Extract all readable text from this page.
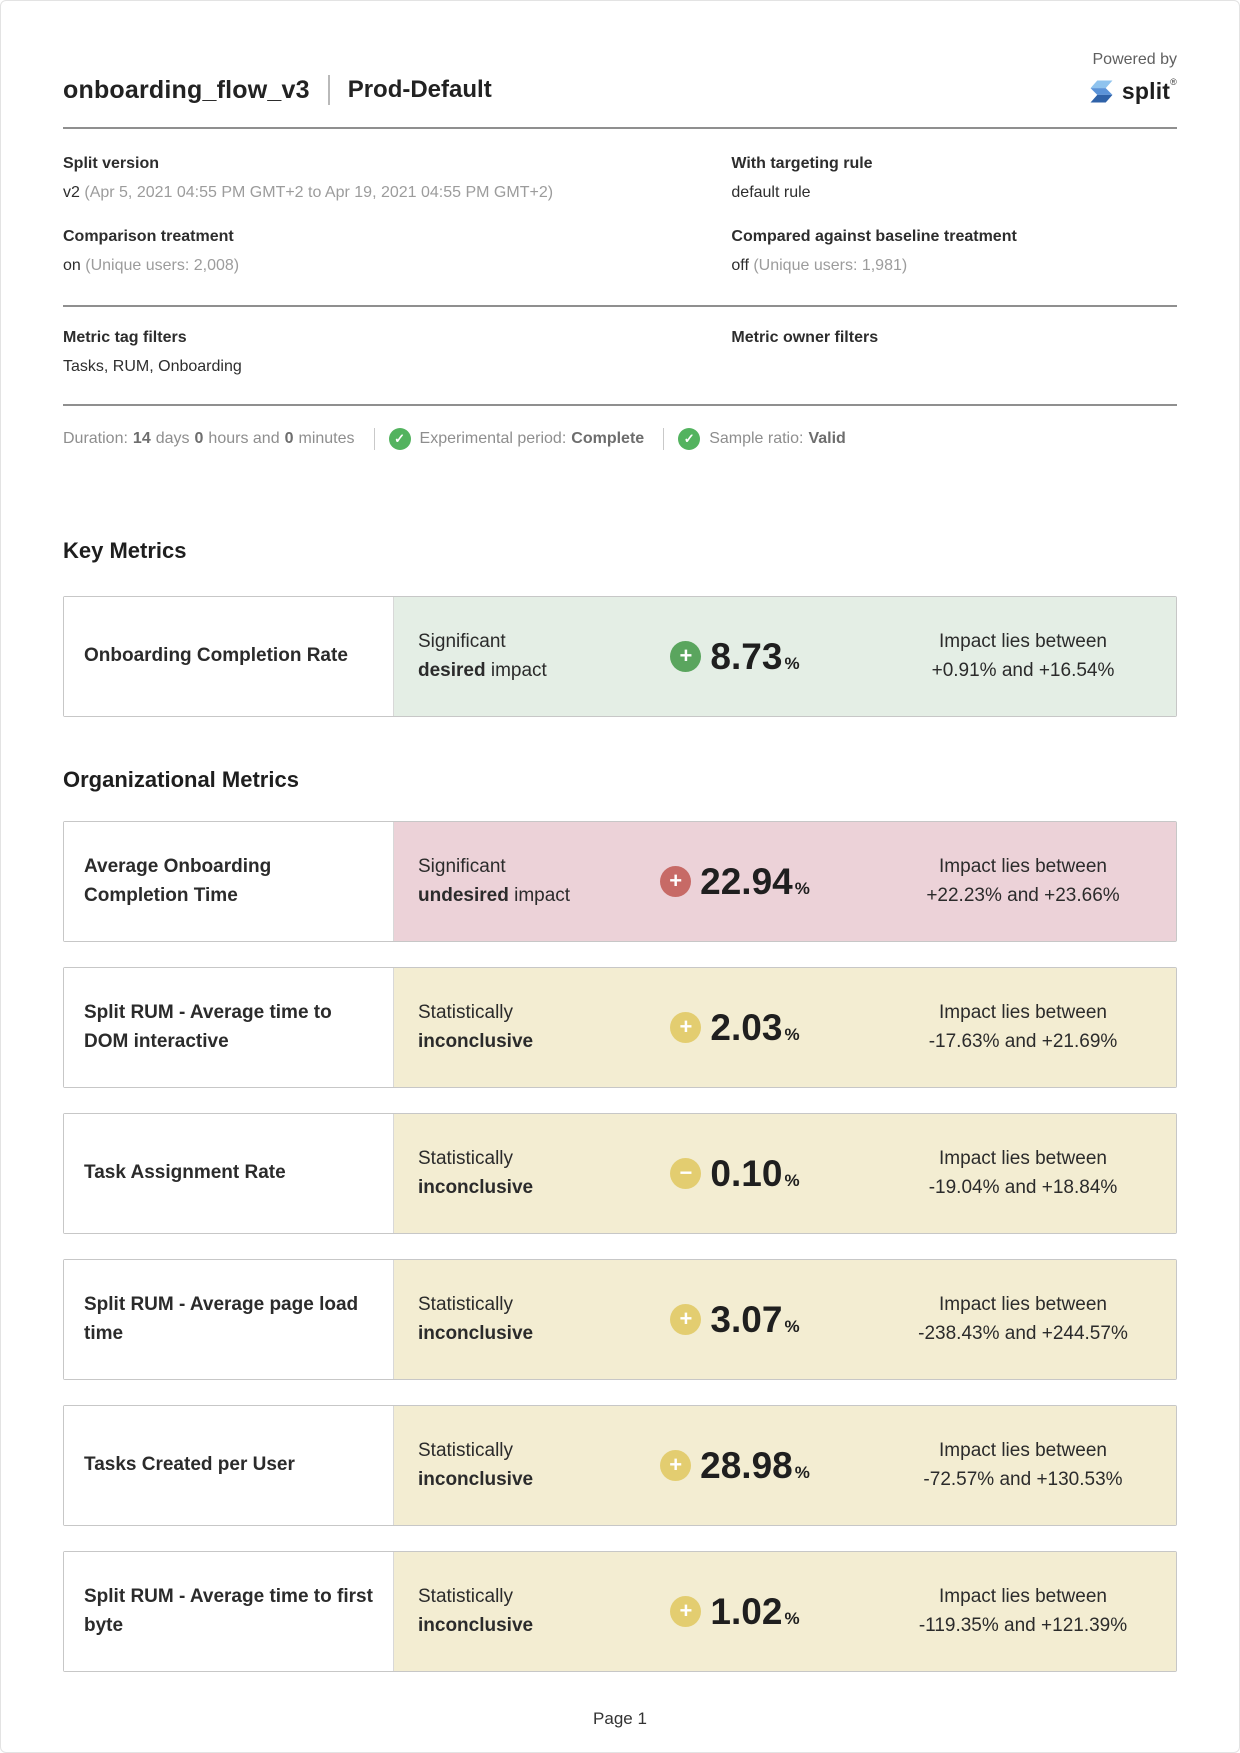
onboarding_flow_v3 Prod-Default
Powered by
split®
Split version
v2 (Apr 5, 2021 04:55 PM GMT+2 to Apr 19, 2021 04:55 PM GMT+2)
With targeting rule
default rule
Comparison treatment
on (Unique users: 2,008)
Compared against baseline treatment
off (Unique users: 1,981)
Metric tag filters
Tasks, RUM, Onboarding
Metric owner filters
Duration: 14 days 0 hours and 0 minutes	✓ Experimental period: Complete	✓ Sample ratio: Valid
Key Metrics
Onboarding Completion Rate
Significant
desired impact
+ 8.73 %
Impact lies between
+0.91% and +16.54%
Organizational Metrics
Average Onboarding Completion Time
Significant
undesired impact
+ 22.94 %
Impact lies between
+22.23% and +23.66%
Split RUM - Average time to DOM interactive
Statistically
inconclusive
+ 2.03 %
Impact lies between
-17.63% and +21.69%
Task Assignment Rate
Statistically
inconclusive
− 0.10 %
Impact lies between
-19.04% and +18.84%
Split RUM - Average page load time
Statistically
inconclusive
+ 3.07 %
Impact lies between
-238.43% and +244.57%
Tasks Created per User
Statistically
inconclusive
+ 28.98 %
Impact lies between
-72.57% and +130.53%
Split RUM - Average time to first byte
Statistically
inconclusive
+ 1.02 %
Impact lies between
-119.35% and +121.39%
Page 1
